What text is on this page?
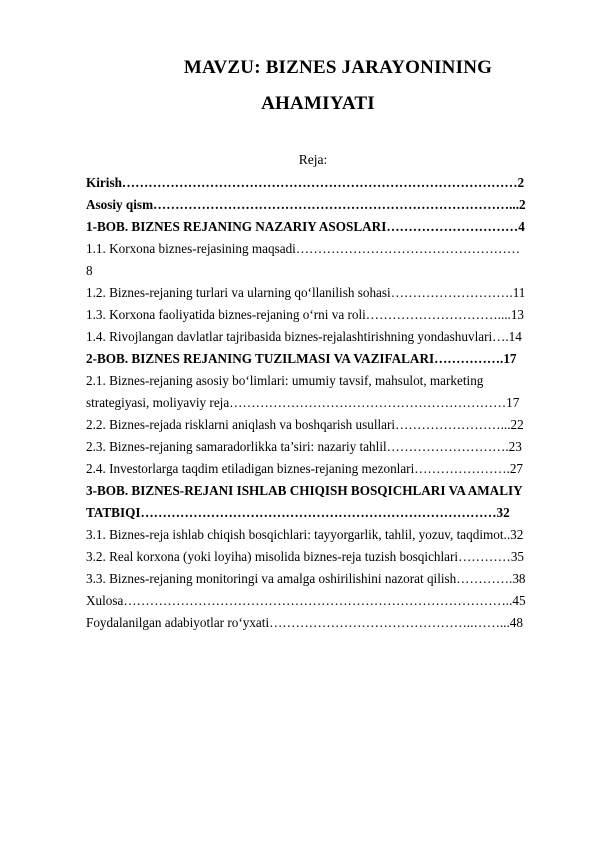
MAVZU: BIZNES JARAYONINING
AHAMIYATI
Reja:
Kirish………………………………………………………………………………2
Asosiy qism………………………………………………………………………...2
1-BOB. BIZNES REJANING NAZARIY ASOSLARI…………………………4
1.1. Korxona biznes-rejasining maqsadi……………………………………………
8
1.2. Biznes-rejaning turlari va ularning qo‘llanilish sohasi……………………….11
1.3. Korxona faoliyatida biznes-rejaning o‘rni va roli…………………………....13
1.4. Rivojlangan davlatlar tajribasida biznes-rejalashtirishning yondashuvlari….14
2-BOB. BIZNES REJANING TUZILMASI VA VAZIFALARI…………….17
2.1. Biznes-rejaning asosiy bo‘limlari: umumiy tavsif, mahsulot, marketing
strategiyasi, moliyaviy reja………………………………………………………17
2.2. Biznes-rejada risklarni aniqlash va boshqarish usullari……………………...22
2.3. Biznes-rejaning samaradorlikka ta’siri: nazariy tahlil……………………….23
2.4. Investorlarga taqdim etiladigan biznes-rejaning mezonlari………………….27
3-BOB. BIZNES-REJANI ISHLAB CHIQISH BOSQICHLARI VA AMALIY
TATBIQI………………………………………………………………………32
3.1. Biznes-reja ishlab chiqish bosqichlari: tayyorgarlik, tahlil, yozuv, taqdimot..32
3.2. Real korxona (yoki loyiha) misolida biznes-reja tuzish bosqichlari…………35
3.3. Biznes-rejaning monitoringi va amalga oshirilishini nazorat qilish………….38
Xulosa……………………………………………………………………………..45
Foydalanilgan adabiyotlar ro‘yxati………………………………………..……...48
